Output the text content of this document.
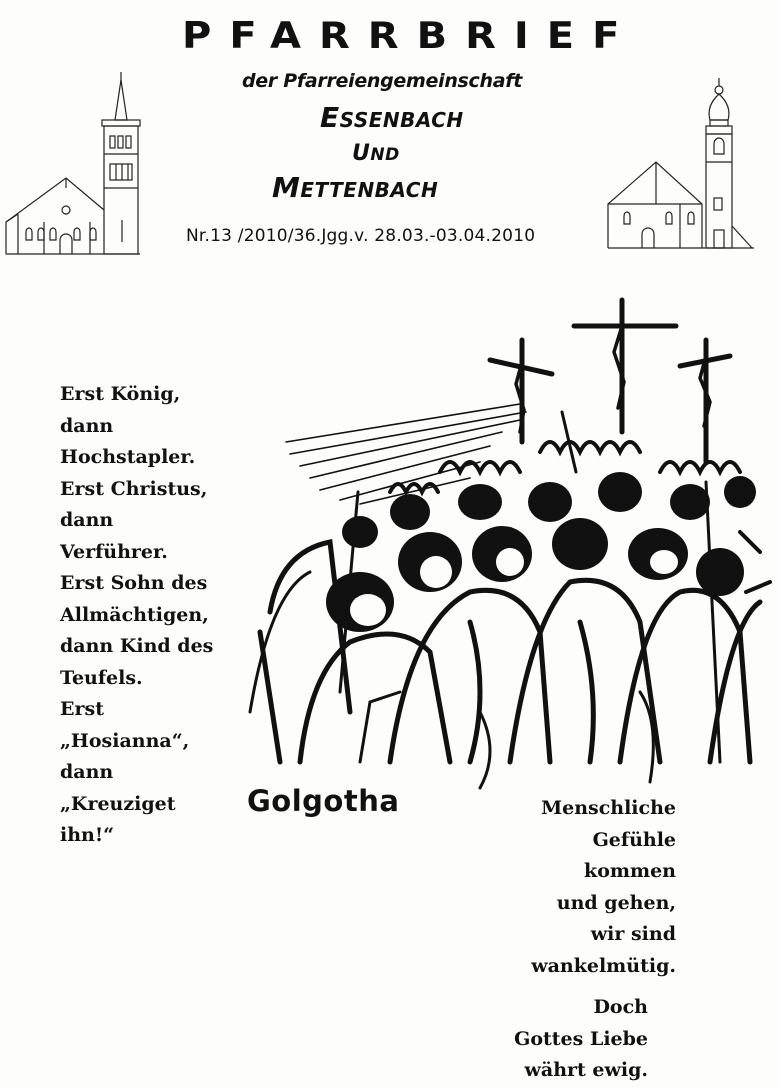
PFARRBRIEF
der Pfarreiengemeinschaft
ESSENBACH
UND
METTENBACH
Nr.13 /2010/36.Jgg.v. 28.03.-03.04.2010
Erst König,
dann
Hochstapler.
Erst Christus,
dann
Verführer.
Erst Sohn des
Allmächtigen,
dann Kind des
Teufels.
Erst
„Hosianna“,
dann
„Kreuziget
ihn!“
Golgotha	Menschliche
Gefühle
kommen
und gehen,
wir sind
wankelmütig.
Doch
Gottes Liebe
währt ewig.
